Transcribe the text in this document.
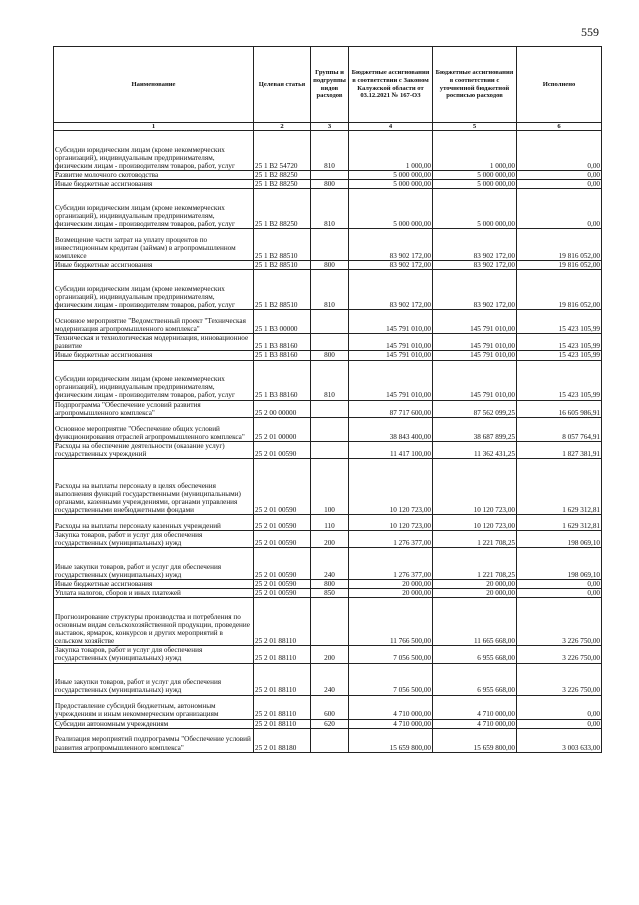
559
Наименование	Целевая статья	Группы и подгруппы видов расходов	Бюджетные ассигнования в соответствии с Законом Калужской области от 03.12.2021 № 167-ОЗ	Бюджетные ассигнования в соответствии с уточненной бюджетной росписью расходов	Исполнено
1	2	3	4	5	6
Субсидии юридическим лицам (кроме некоммерческих организаций), индивидуальным предпринимателям, физическим лицам - производителям товаров, работ, услуг	25 1 B2 54720	810	1 000,00	1 000,00	0,00
Развитие молочного скотоводства	25 1 B2 88250		5 000 000,00	5 000 000,00	0,00
Иные бюджетные ассигнования	25 1 B2 88250	800	5 000 000,00	5 000 000,00	0,00
Субсидии юридическим лицам (кроме некоммерческих организаций), индивидуальным предпринимателям, физическим лицам - производителям товаров, работ, услуг	25 1 B2 88250	810	5 000 000,00	5 000 000,00	0,00
Возмещение части затрат на уплату процентов по инвестиционным кредитам (займам) в агропромышленном комплексе	25 1 B2 88510		83 902 172,00	83 902 172,00	19 816 052,00
Иные бюджетные ассигнования	25 1 B2 88510	800	83 902 172,00	83 902 172,00	19 816 052,00
Субсидии юридическим лицам (кроме некоммерческих организаций), индивидуальным предпринимателям, физическим лицам - производителям товаров, работ, услуг	25 1 B2 88510	810	83 902 172,00	83 902 172,00	19 816 052,00
Основное мероприятие "Ведомственный проект "Техническая модернизация агропромышленного комплекса"	25 1 B3 00000		145 791 010,00	145 791 010,00	15 423 105,99
Техническая и технологическая модернизация, инновационное развитие	25 1 B3 88160		145 791 010,00	145 791 010,00	15 423 105,99
Иные бюджетные ассигнования	25 1 B3 88160	800	145 791 010,00	145 791 010,00	15 423 105,99
Субсидии юридическим лицам (кроме некоммерческих организаций), индивидуальным предпринимателям, физическим лицам - производителям товаров, работ, услуг	25 1 B3 88160	810	145 791 010,00	145 791 010,00	15 423 105,99
Подпрограмма "Обеспечение условий развития агропромышленного комплекса"	25 2 00 00000		87 717 600,00	87 562 099,25	16 605 986,91
Основное мероприятие "Обеспечение общих условий функционирования отраслей агропромышленного комплекса"	25 2 01 00000		38 843 400,00	38 687 899,25	8 057 764,91
Расходы на обеспечение деятельности (оказание услуг) государственных учреждений	25 2 01 00590		11 417 100,00	11 362 431,25	1 827 381,91
Расходы на выплаты персоналу в целях обеспечения выполнения функций государственными (муниципальными) органами, казенными учреждениями, органами управления государственными внебюджетными фондами	25 2 01 00590	100	10 120 723,00	10 120 723,00	1 629 312,81
Расходы на выплаты персоналу казенных учреждений	25 2 01 00590	110	10 120 723,00	10 120 723,00	1 629 312,81
Закупка товаров, работ и услуг для обеспечения государственных (муниципальных) нужд	25 2 01 00590	200	1 276 377,00	1 221 708,25	198 069,10
Иные закупки товаров, работ и услуг для обеспечения государственных (муниципальных) нужд	25 2 01 00590	240	1 276 377,00	1 221 708,25	198 069,10
Иные бюджетные ассигнования	25 2 01 00590	800	20 000,00	20 000,00	0,00
Уплата налогов, сборов и иных платежей	25 2 01 00590	850	20 000,00	20 000,00	0,00
Прогнозирование структуры производства и потребления по основным видам сельскохозяйственной продукции, проведение выставок, ярмарок, конкурсов и других мероприятий в сельском хозяйстве	25 2 01 88110		11 766 500,00	11 665 668,00	3 226 750,00
Закупка товаров, работ и услуг для обеспечения государственных (муниципальных) нужд	25 2 01 88110	200	7 056 500,00	6 955 668,00	3 226 750,00
Иные закупки товаров, работ и услуг для обеспечения государственных (муниципальных) нужд	25 2 01 88110	240	7 056 500,00	6 955 668,00	3 226 750,00
Предоставление субсидий бюджетным, автономным учреждениям и иным некоммерческим организациям	25 2 01 88110	600	4 710 000,00	4 710 000,00	0,00
Субсидии автономным учреждениям	25 2 01 88110	620	4 710 000,00	4 710 000,00	0,00
Реализация мероприятий подпрограммы "Обеспечение условий развития агропромышленного комплекса"	25 2 01 88180		15 659 800,00	15 659 800,00	3 003 633,00
